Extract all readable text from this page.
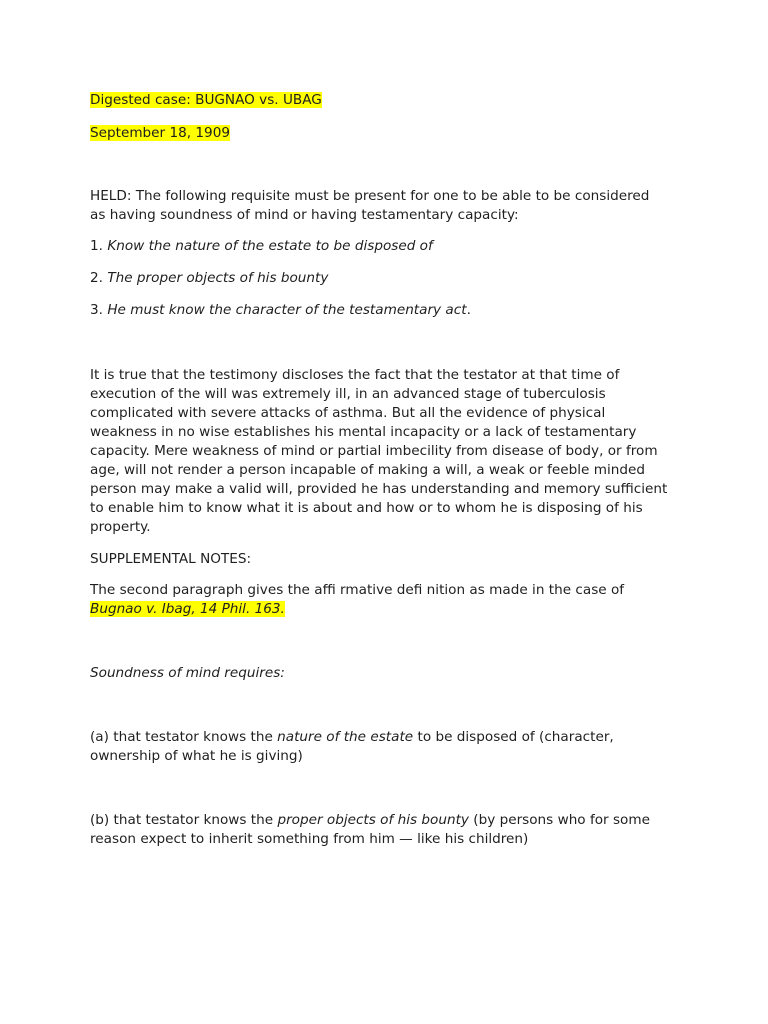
Digested case: BUGNAO vs. UBAG
September 18, 1909
HELD: The following requisite must be present for one to be able to be considered
as having soundness of mind or having testamentary capacity:
1. Know the nature of the estate to be disposed of
2. The proper objects of his bounty
3. He must know the character of the testamentary act.
It is true that the testimony discloses the fact that the testator at that time of
execution of the will was extremely ill, in an advanced stage of tuberculosis
complicated with severe attacks of asthma. But all the evidence of physical
weakness in no wise establishes his mental incapacity or a lack of testamentary
capacity. Mere weakness of mind or partial imbecility from disease of body, or from
age, will not render a person incapable of making a will, a weak or feeble minded
person may make a valid will, provided he has understanding and memory sufficient
to enable him to know what it is about and how or to whom he is disposing of his
property.
SUPPLEMENTAL NOTES:
The second paragraph gives the affi rmative defi nition as made in the case of
Bugnao v. Ibag, 14 Phil. 163.
Soundness of mind requires:
(a) that testator knows the nature of the estate to be disposed of (character,
ownership of what he is giving)
(b) that testator knows the proper objects of his bounty (by persons who for some
reason expect to inherit something from him — like his children)
